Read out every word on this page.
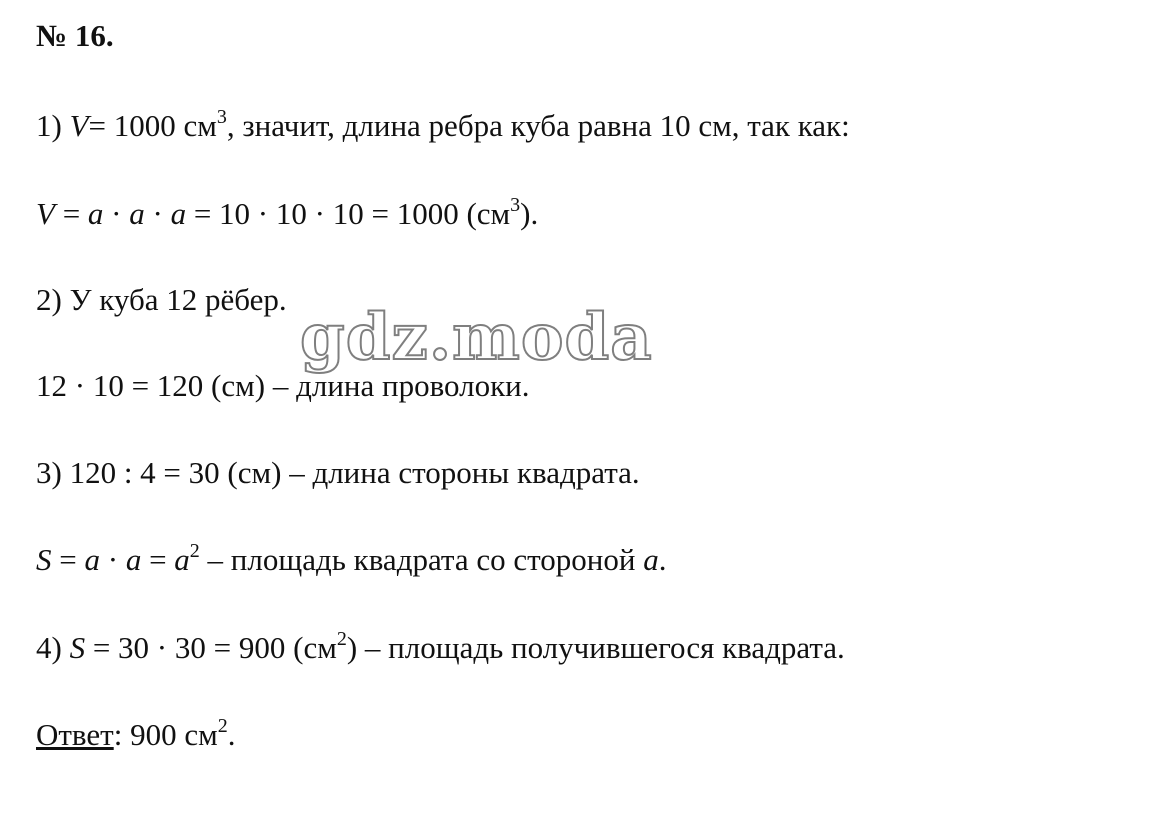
№ 16.
1) V= 1000 $см^3$, значит, длина ребра куба равна 10 см, так как:
V = a · a · a = 10 · 10 · 10 = 1000 $(см^3)$.
2) У куба 12 рёбер.
12 · 10 = 120 (см) – длина проволоки.
3) 120 : 4 = 30 (см) – длина стороны квадрата.
$S = a \cdot a = a^2$ – площадь квадрата со стороной a.
4) S = 30 · 30 = 900 $(см^2)$ – площадь получившегося квадрата.
Ответ: 900 $см^2$.
gdz.moda
